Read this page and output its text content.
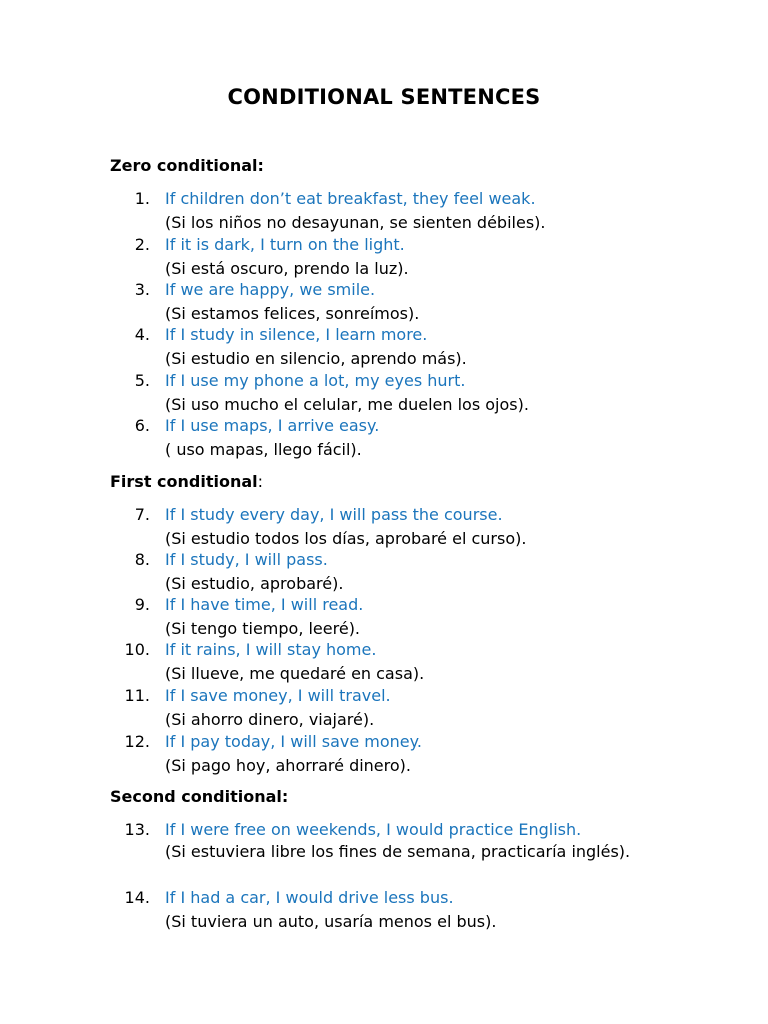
CONDITIONAL SENTENCES
Zero conditional:
1. If children don’t eat breakfast, they feel weak.
(Si los niños no desayunan, se sienten débiles).
2. If it is dark, I turn on the light.
(Si está oscuro, prendo la luz).
3. If we are happy, we smile.
(Si estamos felices, sonreímos).
4. If I study in silence, I learn more.
(Si estudio en silencio, aprendo más).
5. If I use my phone a lot, my eyes hurt.
(Si uso mucho el celular, me duelen los ojos).
6. If I use maps, I arrive easy.
( uso mapas, llego fácil).
First conditional:
7. If I study every day, I will pass the course.
(Si estudio todos los días, aprobaré el curso).
8. If I study, I will pass.
(Si estudio, aprobaré).
9. If I have time, I will read.
(Si tengo tiempo, leeré).
10. If it rains, I will stay home.
(Si llueve, me quedaré en casa).
11. If I save money, I will travel.
(Si ahorro dinero, viajaré).
12. If I pay today, I will save money.
(Si pago hoy, ahorraré dinero).
Second conditional:
13. If I were free on weekends, I would practice English.
(Si estuviera libre los fines de semana, practicaría inglés).
14. If I had a car, I would drive less bus.
(Si tuviera un auto, usaría menos el bus).
